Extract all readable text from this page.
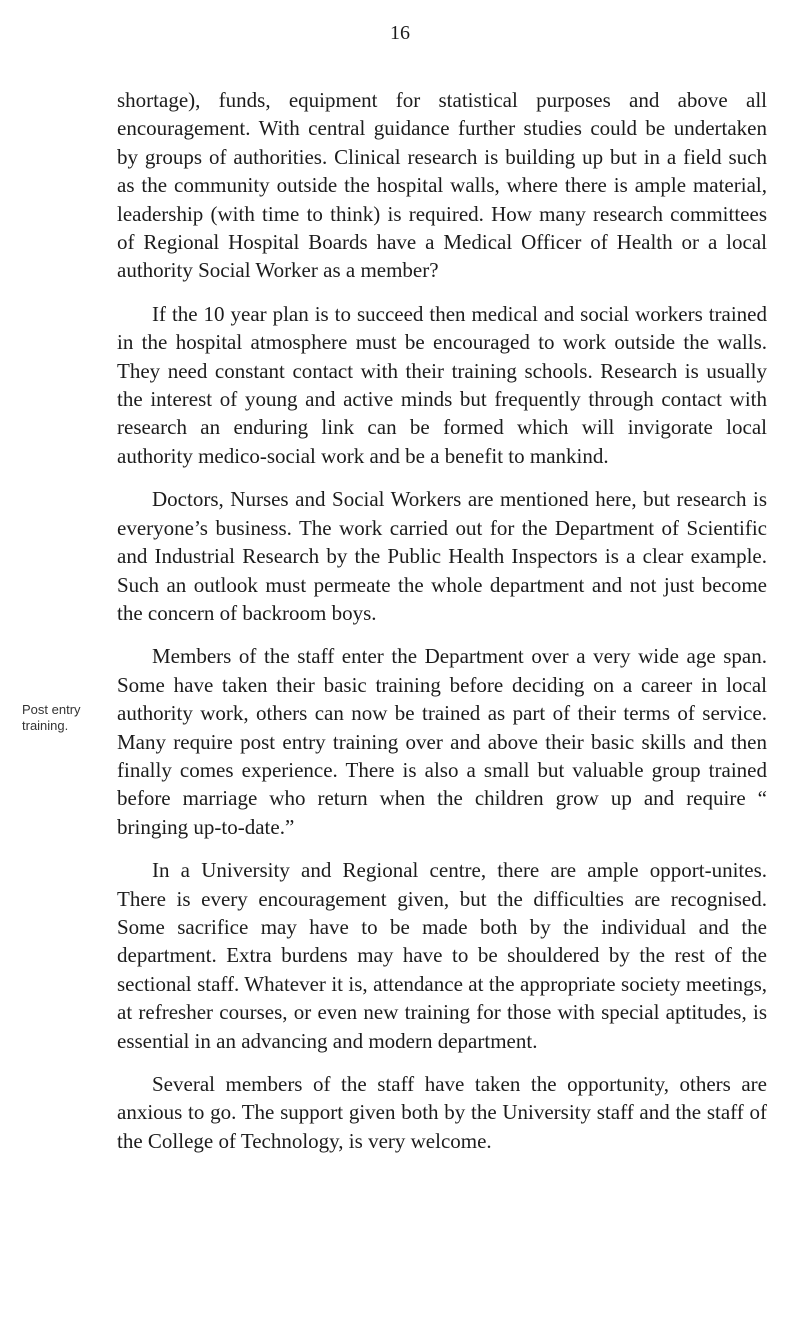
16
Post entry
training.

shortage), funds, equipment for statistical purposes and above all encouragement. With central guidance further studies could be undertaken by groups of authorities. Clinical research is building up but in a field such as the community outside the hospital walls, where there is ample material, leadership (with time to think) is required. How many research committees of Regional Hospital Boards have a Medical Officer of Health or a local authority Social Worker as a member?

If the 10 year plan is to succeed then medical and social workers trained in the hospital atmosphere must be encouraged to work outside the walls. They need constant contact with their training schools. Research is usually the interest of young and active minds but frequently through contact with research an enduring link can be formed which will invigorate local authority medico-social work and be a benefit to mankind.

Doctors, Nurses and Social Workers are mentioned here, but research is everyone’s business. The work carried out for the Department of Scientific and Industrial Research by the Public Health Inspectors is a clear example. Such an outlook must permeate the whole department and not just become the concern of backroom boys.

Members of the staff enter the Department over a very wide age span. Some have taken their basic training before deciding on a career in local authority work, others can now be trained as part of their terms of service. Many require post entry training over and above their basic skills and then finally comes experience. There is also a small but valuable group trained before marriage who return when the children grow up and require “ bringing up-to-date.”

In a University and Regional centre, there are ample opport-unites. There is every encouragement given, but the difficulties are recognised. Some sacrifice may have to be made both by the individual and the department. Extra burdens may have to be shouldered by the rest of the sectional staff. Whatever it is, attendance at the appropriate society meetings, at refresher courses, or even new training for those with special aptitudes, is essential in an advancing and modern department.

Several members of the staff have taken the opportunity, others are anxious to go. The support given both by the University staff and the staff of the College of Technology, is very welcome.
